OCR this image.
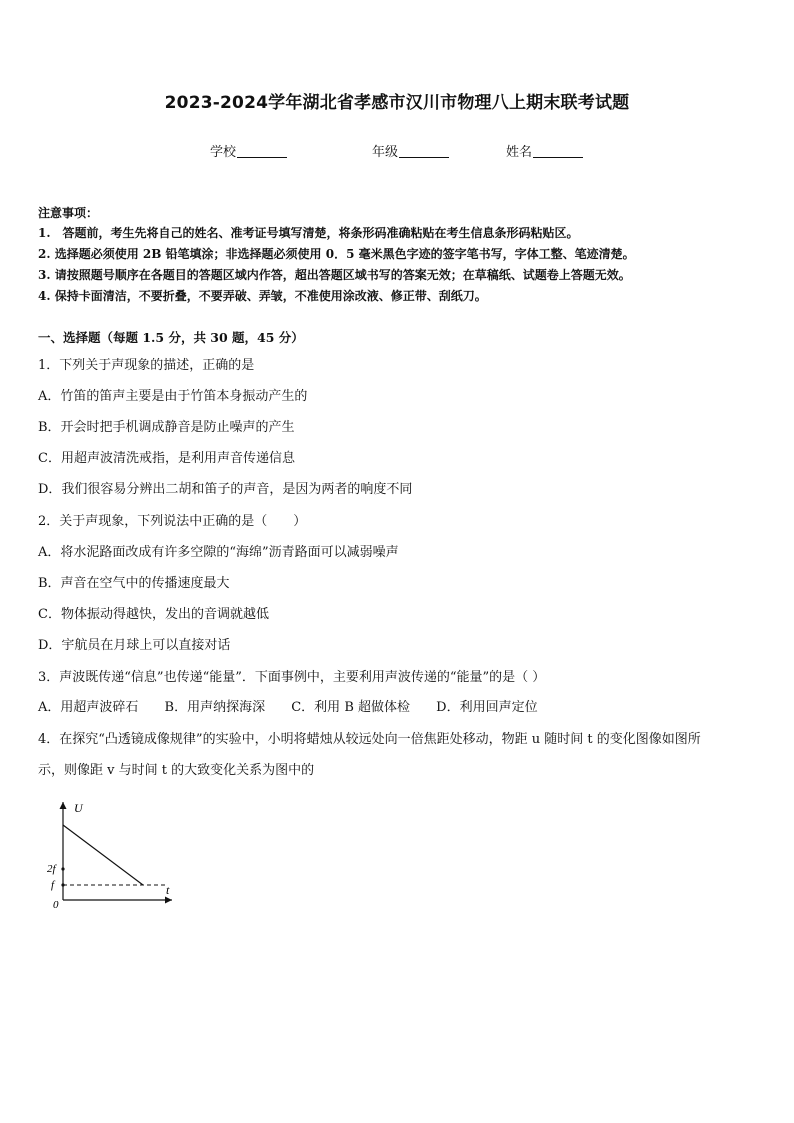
2023-2024学年湖北省孝感市汉川市物理八上期末联考试题
学校	年级	姓名
注意事项：
1.　答题前，考生先将自己的姓名、准考证号填写清楚，将条形码准确粘贴在考生信息条形码粘贴区。
2. 选择题必须使用 2B 铅笔填涂；非选择题必须使用 0．5 毫米黑色字迹的签字笔书写，字体工整、笔迹清楚。
3. 请按照题号顺序在各题目的答题区域内作答，超出答题区域书写的答案无效；在草稿纸、试题卷上答题无效。
4. 保持卡面清洁，不要折叠，不要弄破、弄皱，不准使用涂改液、修正带、刮纸刀。
一、选择题（每题 1.5 分，共 30 题，45 分）
1．下列关于声现象的描述，正确的是
A．竹笛的笛声主要是由于竹笛本身振动产生的
B．开会时把手机调成静音是防止噪声的产生
C．用超声波清洗戒指，是利用声音传递信息
D．我们很容易分辨出二胡和笛子的声音，是因为两者的响度不同
2．关于声现象，下列说法中正确的是（　　）
A．将水泥路面改成有许多空隙的“海绵”沥青路面可以减弱噪声
B．声音在空气中的传播速度最大
C．物体振动得越快，发出的音调就越低
D．宇航员在月球上可以直接对话
3．声波既传递“信息”也传递“能量”．下面事例中，主要利用声波传递的“能量”的是（ ）
A．用超声波碎石 B．用声纳探海深 C．利用 B 超做体检 D．利用回声定位
4．在探究“凸透镜成像规律”的实验中，小明将蜡烛从较远处向一倍焦距处移动，物距 u 随时间 t 的变化图像如图所
示，则像距 v 与时间 t 的大致变化关系为图中的
U
t
0
2f
f
